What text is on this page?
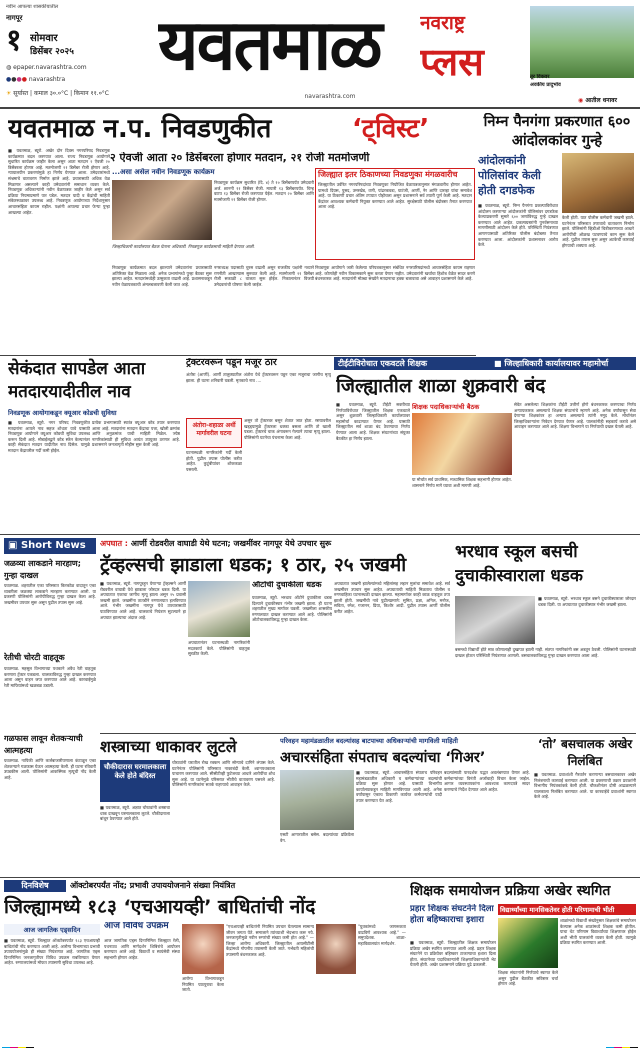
नवीन आपल्या शासकीयातील
नागपूर
१ सोमवार
डिसेंबर २०२५
◍ epaper.navarashtra.com
●●●● navarashtra
☀ सूर्यास्त | कमाल ३०.०°C | किमान ११.०°C
यवतमाळ	नवराष्ट्र
प्लस
navarashtra.com
तूर विकवर
अवकीय प्रादुर्भाव
◉ आतील धनावर
यवतमाळ न.प. निवडणुकीत	‘ट्विस्ट’
२ ऐवजी आता २० डिसेंबरला होणार मतदान, २१ रोजी मतमोजणी
■ यवतमाळ, ब्यूरो. अखेर दोन दिवस नगरपरिषद निवडणूक कार्यक्रमात बदल करण्यात आला. राज्य निवडणूक आयोगाने सुधारित कार्यक्रम जाहीर केला असून आता मतदान २ ऐवजी २० डिसेंबरला होणार आहे. मतमोजणी २१ डिसेंबर रोजी होणार आहे. न्यायालयीन प्रकरणांमुळे हा निर्णय घेण्यात आला. उमेदवारांमध्ये संभ्रमाचे वातावरण निर्माण झाले आहे. प्रचारासाठी अधिक वेळ मिळणार असल्याने काही उमेदवारांनी समाधान व्यक्त केले. निवडणूक अधिकाऱ्यांनी नवीन वेळापत्रक जाहीर केले असून सर्व प्रक्रिया नियमाप्रमाणे पार पडेल. मतदार यादी व केंद्रांची माहिती संकेतस्थळावर उपलब्ध आहे. निवडणूक आयोगाच्या निर्देशानुसार आचारसंहिता कायम राहील. पक्षांनी आपल्या प्रचार फेऱ्या पुन्हा आखल्या आहेत.
...असा असेल नवीन निवडणूक कार्यक्रम
निवडणूक कार्यक्रम सुधारित (दि. ४) ते १० डिसेंबरपर्यंत उमेदवारी अर्ज. छाननी ११ डिसेंबर रोजी. माघारी १३ डिसेंबरपर्यंत. चिन्ह वाटप १३ डिसेंबर रोजी करण्यात येईल. मतदान २० डिसेंबर आणि मतमोजणी २१ डिसेंबर रोजी होणार.
जिल्हाधिकारी कार्यालयात बैठक घेताना अधिकारी. निवडणूक कार्यक्रमाची माहिती देण्यात आली.
जिल्ह्यात इतर ठिकाणच्या निवडणुका मंगळवारीच
जिल्ह्यातील उर्वरित नगरपरिषदांच्या निवडणुका नियोजित वेळापत्रकानुसार मंगळवारीच होणार आहेत. यामध्ये दिग्रस, पुसद, उमरखेड, वणी, पांढरकवडा, घाटंजी, आर्णी, नेर आणि दारव्हा यांचा समावेश आहे. या ठिकाणी प्रचार अंतिम टप्प्यात पोहोचला असून प्रशासनाने सर्व तयारी पूर्ण केली आहे. मतदान केंद्रांवर आवश्यक कर्मचारी नियुक्त करण्यात आले आहेत. सुरक्षेसाठी पोलीस बंदोबस्त तैनात करण्यात आला आहे.
निवडणूक कार्यक्रमात बदल झाल्याने उमेदवारांना प्रचारासाठी अतिरिक्त वेळ मिळाला आहे. अनेक प्रभागांमध्ये पुन्हा बैठका सुरू झाल्या आहेत. मतदारांमध्येही उत्सुकता वाढली आहे. प्रशासनाकडून नवीन वेळापत्रकाची अंमलबजावणी केली जात आहे.
नगराध्यक्ष पदासाठी चुरस वाढली असून राजकीय पक्षांनी नव्याने रणनीती आखण्यास सुरुवात केली आहे. मतमोजणी २१ डिसेंबर रोजी सकाळी ८ वाजता सुरू होईल. निकालानंतर विजयी उमेदवारांची घोषणा केली जाईल.
निवडणूक आयोगाने जारी केलेल्या परिपत्रकानुसार संबंधित नगरपरिषदांमध्ये आचारसंहिता कायम राहणार आहे. कोणतेही नवीन विकासकामे सुरू करता येणार नाहीत. उमेदवारांनी खर्चाचा हिशोब वेळेत सादर करणे बंधनकारक आहे. मतदारांनी मोठ्या संख्येने मतदानाचा हक्क बजावावा असे आवाहन प्रशासनाने केले आहे.
निम्न पैनगंगा प्रकरणात ६०० आंदोलकांवर गुन्हे
आंदोलकांनी पोलिसांवर केली होती दगडफेक
■ यवतमाळ, ब्यूरो. निम्न पैनगंगा प्रकल्पाविरोधात आंदोलन करणाऱ्या आंदोलकांनी पोलिसांवर दगडफेक केल्याप्रकरणी सुमारे ६०० जणांविरुद्ध गुन्हे दाखल करण्यात आले आहेत. प्रकल्पग्रस्तांनी पुनर्वसनाच्या मागणीसाठी आंदोलन केले होते. परिस्थिती नियंत्रणात आणण्यासाठी अतिरिक्त पोलीस बंदोबस्त तैनात करण्यात आला. आंदोलकांनी प्रशासनावर आरोप केले.
केली होती. यात पोलीस कर्मचारी जखमी झाले. घटनेनंतर परिसरात तणावाचे वातावरण निर्माण झाले. पोलिसांनी व्हिडीओ चित्रीकरणाच्या आधारे आरोपींची ओळख पटवण्याचे काम सुरू केले आहे. पुढील तपास सुरू असून अटकेची कारवाई होण्याची शक्यता आहे.
सेकंदात सापडेल आता मतदारयादीतील नाव
निवडणूक आयोगाकडून क्यूआर कोडची सुविधा
■ यवतमाळ, ब्यूरो. नगर परिषद निवडणुकीत मतदारांना आपले नाव सहज शोधता यावे यासाठी निवडणूक आयोगाने क्यूआर कोडची सुविधा उपलब्ध करून दिली आहे. मोबाईलद्वारे कोड स्कॅन केल्यानंतर काही सेकंदात मतदार यादीतील नाव दिसेल. यामुळे मतदान केंद्रावरील गर्दी कमी होईल.
प्रत्येक प्रभागासाठी स्वतंत्र क्यूआर कोड तयार करण्यात आला आहे. मतदारांना मतदान केंद्राचा पत्ता, खोली क्रमांक आणि अनुक्रमांक याची माहिती मिळेल. ज्येष्ठ नागरिकांसाठी ही सुविधा अत्यंत उपयुक्त ठरणार आहे. प्रशासनाने जनजागृती मोहीम सुरू केली आहे.
ट्रॅक्टरवरून पडून मजूर ठार
अंतोरा (आर्णी). आर्णी तालुक्यातील अंतोरा येथे ट्रॅक्टरवरून पडून एका मजुराचा जागीच मृत्यू झाला. ही घटना शनिवारी घडली. मृतकाचे नाव ....
अंतोरा-शहाळा अर्थी मार्गावरील घटना
असून तो ट्रॅक्टरवर बसून शेतात जात होता. रस्त्यावरील खड्ड्यामुळे ट्रॅक्टरला धक्का बसला आणि तो खाली पडला. ट्रॅक्टरचे चाक अंगावरून गेल्याने त्याचा मृत्यू झाला. पोलिसांनी घटनेचा पंचनामा केला आहे.
घटनास्थळी नागरिकांनी गर्दी केली होती. पुढील तपास पोलीस करीत आहेत. कुटुंबीयांवर शोककळा पसरली.
टीईटीविरोधात एकवटले शिक्षक	■ जिल्हाधिकारी कार्यालयावर महामोर्चा
जिल्ह्यातील शाळा शुक्रवारी बंद
■ यवतमाळ, ब्यूरो. टीईटी सक्तीच्या निर्णयाविरोधात जिल्ह्यातील शिक्षक एकवटले असून शुक्रवारी जिल्हाधिकारी कार्यालयावर महामोर्चा काढण्यात येणार आहे. यासाठी जिल्ह्यातील सर्व शाळा बंद ठेवण्याचा निर्णय घेण्यात आला आहे. शिक्षक संघटनांच्या संयुक्त बैठकीत हा निर्णय झाला.
शिक्षक पदाधिकाऱ्यांची बैठक
या मोर्चात सर्व प्राथमिक, माध्यमिक शिक्षक सहभागी होणार आहेत. शासनाने निर्णय मागे घ्यावा अशी मागणी आहे.
सेवेत असलेल्या शिक्षकांना टीईटी उत्तीर्ण होणे बंधनकारक करण्याचा निर्णय अन्यायकारक असल्याचे शिक्षक संघटनांचे म्हणणे आहे. अनेक वर्षांपासून सेवा देणाऱ्या शिक्षकांवर हा अन्याय असल्याचे त्यांनी नमूद केले. मोर्चानंतर जिल्हाधिकाऱ्यांना निवेदन देण्यात येणार आहे. पालकांनीही सहकार्य करावे असे आवाहन करण्यात आले आहे. शिक्षण विभागाने या निर्णयाची दखल घेतली आहे.
▣ Short News
जळव्या लाकडाने मारहाण; गुन्हा दाखल
यवतमाळ. शहरातील एका परिसरात किरकोळ वादातून एका व्यक्तीला जळक्या लाकडाने मारहाण करण्यात आली. या प्रकरणी पोलिसांनी आरोपीविरुद्ध गुन्हा दाखल केला आहे. जखमीवर उपचार सुरू असून पुढील तपास सुरू आहे.
रेतीची चोरटी वाहतूक
यवतमाळ. महसूल विभागाच्या पथकाने अवैध रेती वाहतूक करणारा ट्रॅक्टर पकडला. चालकाविरुद्ध गुन्हा दाखल करण्यात आला असून वाहन जप्त करण्यात आले आहे. कारवाईमुळे रेती माफियांमध्ये खळबळ उडाली.
गळफास लावून शेतकऱ्याची आत्महत्या
यवतमाळ. नापिकी आणि कर्जबाजारीपणाला कंटाळून एका शेतकऱ्याने गळफास घेऊन आत्महत्या केली. ही घटना रविवारी उघडकीस आली. पोलिसांनी आकस्मिक मृत्यूची नोंद केली आहे.
अपघात : आर्णी रोडवरील वाघाडी येथे घटना; जखमींवर नागपूर येथे उपचार सुरू
ट्रॅव्हल्सची झाडाला धडक; १ ठार, २५ जखमी
■ यवतमाळ, ब्यूरो. नागपूरहून येणाऱ्या ट्रॅव्हल्सने आर्णी रोडवरील वाघाडी येथे झाडाला जोरदार धडक दिली. या अपघातात एकाचा जागीच मृत्यू झाला असून २५ प्रवासी जखमी झाले. जखमींना तातडीने रुग्णालयात हलविण्यात आले. गंभीर जखमींना नागपूर येथे उपचारासाठी पाठविण्यात आले आहे. चालकाचे नियंत्रण सुटल्याने हा अपघात झाल्याचा अंदाज आहे.
ऑटोची दुचाकीला धडक
यवतमाळ, ब्यूरो. भरधाव ऑटोने दुचाकीला धडक दिल्याने दुचाकीस्वार गंभीर जखमी झाला. ही घटना शहरातील मुख्य मार्गावर घडली. जखमीला शासकीय रुग्णालयात दाखल करण्यात आले आहे. पोलिसांनी ऑटोचालकाविरुद्ध गुन्हा दाखल केला.
अपघातानंतर घटनास्थळी नागरिकांनी मदतकार्य केले. पोलिसांनी वाहतूक सुरळीत केली.
अपघातात जखमी झालेल्यांमध्ये महिलांसह लहान मुलांचा समावेश आहे. सर्व जखमींवर उपचार सुरू आहेत. अपघाताची माहिती मिळताच पोलीस व रुग्णवाहिका घटनास्थळी दाखल झाल्या. महामार्गावर काही काळ वाहतूक ठप्प झाली होती. जखमींची नावे पुढीलप्रमाणे: सुमित, प्रज्ञा, अनिल, मनोज, सविता, रमेश, गजानन, प्रिया, किशोर आदी. पुढील तपास आर्णी पोलीस करीत आहेत.
भरधाव स्कूल बसची दुचाकीस्वाराला धडक
■ यवतमाळ, ब्यूरो. भरधाव स्कूल बसने दुचाकीस्वाराला जोरदार धडक दिली. या अपघातात दुचाकीस्वार गंभीर जखमी झाला.
बसमध्ये विद्यार्थी होते मात्र कोणालाही दुखापत झाली नाही. संतप्त नागरिकांनी बस अडवून ठेवली. पोलिसांनी घटनास्थळी दाखल होऊन परिस्थिती नियंत्रणात आणली. बसचालकाविरुद्ध गुन्हा दाखल करण्यात आला आहे.
शस्त्राच्या धाकावर लुटले
चौकीदारास घरमालकाला केले होते बंदिस्त
■ यवतमाळ, ब्यूरो. अज्ञात चोरट्यांनी शस्त्राचा धाक दाखवून घरमालकाला लुटले. चौकीदाराला बांधून ठेवण्यात आले होते.
चोरट्यांनी घरातील रोख रक्कम आणि सोन्याचे दागिने लंपास केले. घटनेनंतर पोलिसांनी परिसरात नाकाबंदी केली. श्वानपथकाला पाचारण करण्यात आले. सीसीटीव्ही फुटेजच्या आधारे आरोपींचा शोध सुरू आहे. या घटनेमुळे परिसरात भीतीचे वातावरण पसरले आहे. पोलिसांनी नागरिकांना सतर्क राहण्याचे आवाहन केले.
परिवहन महामंडळातील बदल्यांसह बाटपाच्या अधिकाऱ्यांची मागविली माहिती
अचारसंहिता संपताच बदल्यांचा ‘गिअर’
एसटी आगारातील बसेस. बदल्यांच्या प्रक्रियेला वेग.
■ यवतमाळ, ब्यूरो. आचारसंहिता संपताच परिवहन महामंडळातील अधिकारी व कर्मचाऱ्यांच्या बदल्यांची प्रक्रिया सुरू होणार आहे. यासाठी विभागीय कार्यालयाकडून माहिती मागविण्यात आली आहे. अनेक वर्षांपासून एकाच ठिकाणी कार्यरत कर्मचाऱ्यांची यादी तयार करण्यात येत आहे.
बदल्यांसाठी पारदर्शक पद्धत अवलंबण्यात येणार आहे. कर्मचाऱ्यांच्या विनंती अर्जांचाही विचार केला जाईल. आगार व्यवस्थापकांना आवश्यक कागदपत्रे सादर करण्याचे निर्देश देण्यात आले आहेत.
‘तो’ बसचालक अखेर निलंबित
■ यवतमाळ. प्रवाशांशी गैरवर्तन करणाऱ्या बसचालकावर अखेर निलंबनाची कारवाई करण्यात आली. या प्रकरणाची तक्रार प्रवाशांनी विभागीय नियंत्रकांकडे केली होती. चौकशीनंतर दोषी आढळल्याने चालकाला निलंबित करण्यात आले. या कारवाईचे प्रवाशांनी स्वागत केले आहे.
दिनविशेष	ऑक्टोबरपर्यंत नोंद; प्रभावी उपाययोजनाने संख्या नियंत्रित
जिल्ह्यामध्ये १८३ ‘एचआयव्ही’ बाधितांची नोंद
आज जागतिक एड्सदिन	आज विविध उपक्रम
■ यवतमाळ, ब्यूरो. जिल्ह्यात ऑक्टोबरपर्यंत १८३ एचआयव्ही बाधितांची नोंद करण्यात आली आहे. आरोग्य विभागाच्या प्रभावी उपाययोजनांमुळे ही संख्या नियंत्रणात आहे. जागतिक एड्स दिनानिमित्त जनजागृतीपर विविध उपक्रम राबविण्यात येणार आहेत. रुग्णालयांमध्ये मोफत तपासणी सुविधा उपलब्ध आहे.
आज जागतिक एड्स दिनानिमित्त जिल्ह्यात रॅली, पथनाट्य आणि मार्गदर्शन शिबिरांचे आयोजन करण्यात आले आहे. विद्यार्थी व स्वयंसेवी संस्था सहभागी होणार आहेत.
"एचआयव्ही बाधितांनी नियमित उपचार घेतल्यास सामान्य जीवन जगता येते. समाजाने त्यांच्याशी भेदभाव करू नये. जनजागृतीमुळे नवीन रुग्णांची संख्या कमी होत आहे." — जिल्हा आरोग्य अधिकारी. जिल्ह्यातील आयसीटीसी केंद्रांमध्ये गोपनीय तपासणी केली जाते. गर्भवती महिलांची तपासणी बंधनकारक आहे.
"युवकांमध्ये जागरूकता वाढविणे आवश्यक आहे." — समुपदेशक. शाळा-महाविद्यालयांत मार्गदर्शन.
आरोग्य विभागाकडून नियमित पाठपुरावा केला जातो.
शिक्षक समायोजन प्रक्रिया अखेर स्थगित
प्रहार शिक्षक संघटनेने दिला होता बहिष्काराचा इशारा
विद्यार्थ्यांच्या मानसिकतेवर होती परिणामाची भीती
शाळांमध्ये विद्यार्थी संख्येनुसार शिक्षकांचे समायोजन केल्यास अनेक शाळांमध्ये शिक्षक कमी होतील. याचा थेट परिणाम विद्यार्थ्यांच्या शिक्षणावर होईल अशी भीती पालकांनी व्यक्त केली होती. त्यामुळे प्रक्रिया स्थगित करण्यात आली.
■ यवतमाळ, ब्यूरो. जिल्ह्यातील शिक्षक समायोजन प्रक्रिया अखेर स्थगित करण्यात आली आहे. प्रहार शिक्षक संघटनेने या प्रक्रियेवर बहिष्कार टाकण्याचा इशारा दिला होता. संघटनेच्या पदाधिकाऱ्यांनी शिक्षणाधिकाऱ्यांची भेट घेतली होती. अखेर प्रशासनाने प्रक्रिया पुढे ढकलली.
शिक्षक संघटनांनी निर्णयाचे स्वागत केले असून पुढील बैठकीत सविस्तर चर्चा होणार आहे.
